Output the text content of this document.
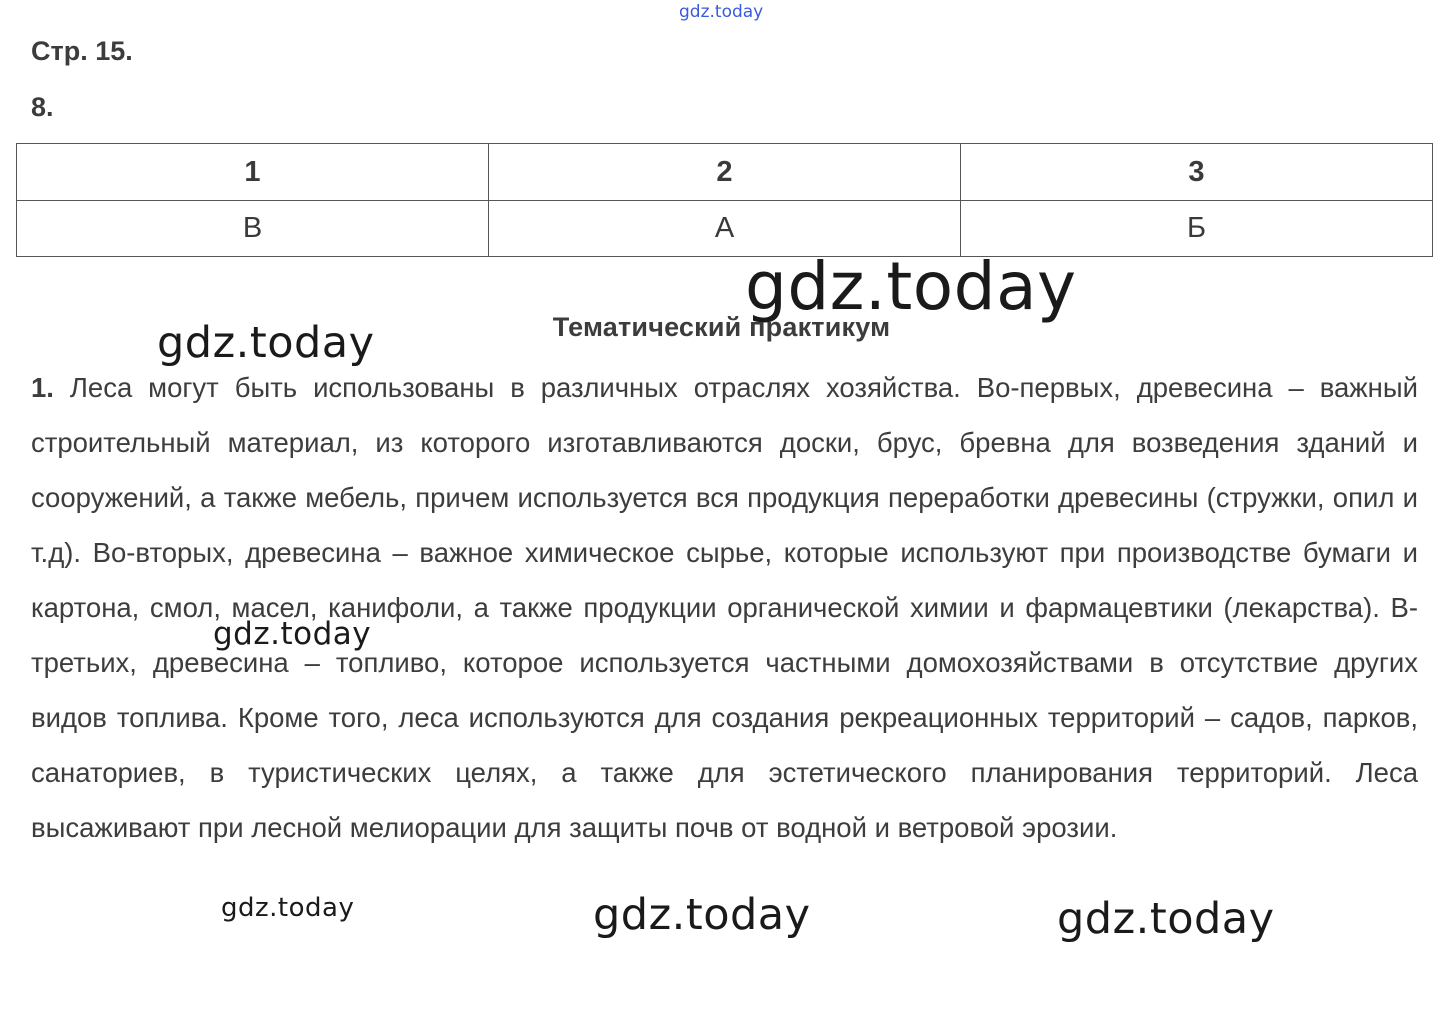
gdz.today
Стр. 15.
8.
1	2	3
В	А	Б
gdz.today
Тематический практикум
gdz.today

1. Леса могут быть использованы в различных отраслях хозяйства. Во-первых, древесина – важный строительный материал, из которого изготавливаются доски, брус, бревна для возведения зданий и сооружений, а также мебель, причем используется вся продукция переработки древесины (стружки, опил и т.д). Во-вторых, древесина – важное химическое сырье, которые используют при производстве бумаги и картона, смол, масел, канифоли, а также продукции органической химии и фармацевтики (лекарства). В-третьих, древесина – топливо, которое используется частными домохозяйствами в отсутствие других видов топлива. Кроме того, леса используются для создания рекреационных территорий – садов, парков, санаториев, в туристических целях, а также для эстетического планирования территорий. Леса высаживают при лесной мелиорации для защиты почв от водной и ветровой эрозии.

gdz.today
gdz.today	gdz.today	gdz.today
